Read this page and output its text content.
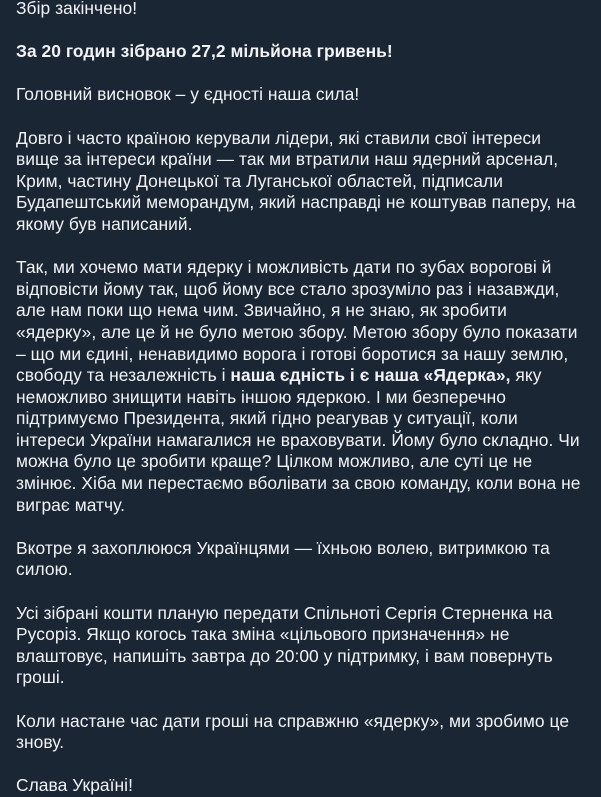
Збір закінчено!

За 20 годин зібрано 27,2 мільйона гривень!

Головний висновок – у єдності наша сила!

Довго і часто країною керували лідери, які ставили свої інтереси вище за інтереси країни — так ми втратили наш ядерний арсенал, Крим, частину Донецької та Луганської областей, підписали Будапештський меморандум, який насправді не коштував паперу, на якому був написаний.

Так, ми хочемо мати ядерку і можливість дати по зубах ворогові й відповісти йому так, щоб йому все стало зрозуміло раз і назавжди, але нам поки що нема чим. Звичайно, я не знаю, як зробити «ядерку», але це й не було метою збору. Метою збору було показати – що ми єдині, ненавидимо ворога і готові боротися за нашу землю, свободу та незалежність і наша єдність і є наша «Ядерка», яку неможливо знищити навіть іншою ядеркою. І ми безперечно підтримуємо Президента, який гідно реагував у ситуації, коли інтереси України намагалися не враховувати. Йому було складно. Чи можна було це зробити краще? Цілком можливо, але суті це не змінює. Хіба ми перестаємо вболівати за свою команду, коли вона не виграє матчу.

Вкотре я захоплююся Українцями — їхньою волею, витримкою та силою.

Усі зібрані кошти планую передати Спільноті Сергія Стерненка на Русоріз. Якщо когось така зміна «цільового призначення» не влаштовує, напишіть завтра до 20:00 у підтримку, і вам повернуть гроші.

Коли настане час дати гроші на справжню «ядерку», ми зробимо це знову.

Слава Україні!
